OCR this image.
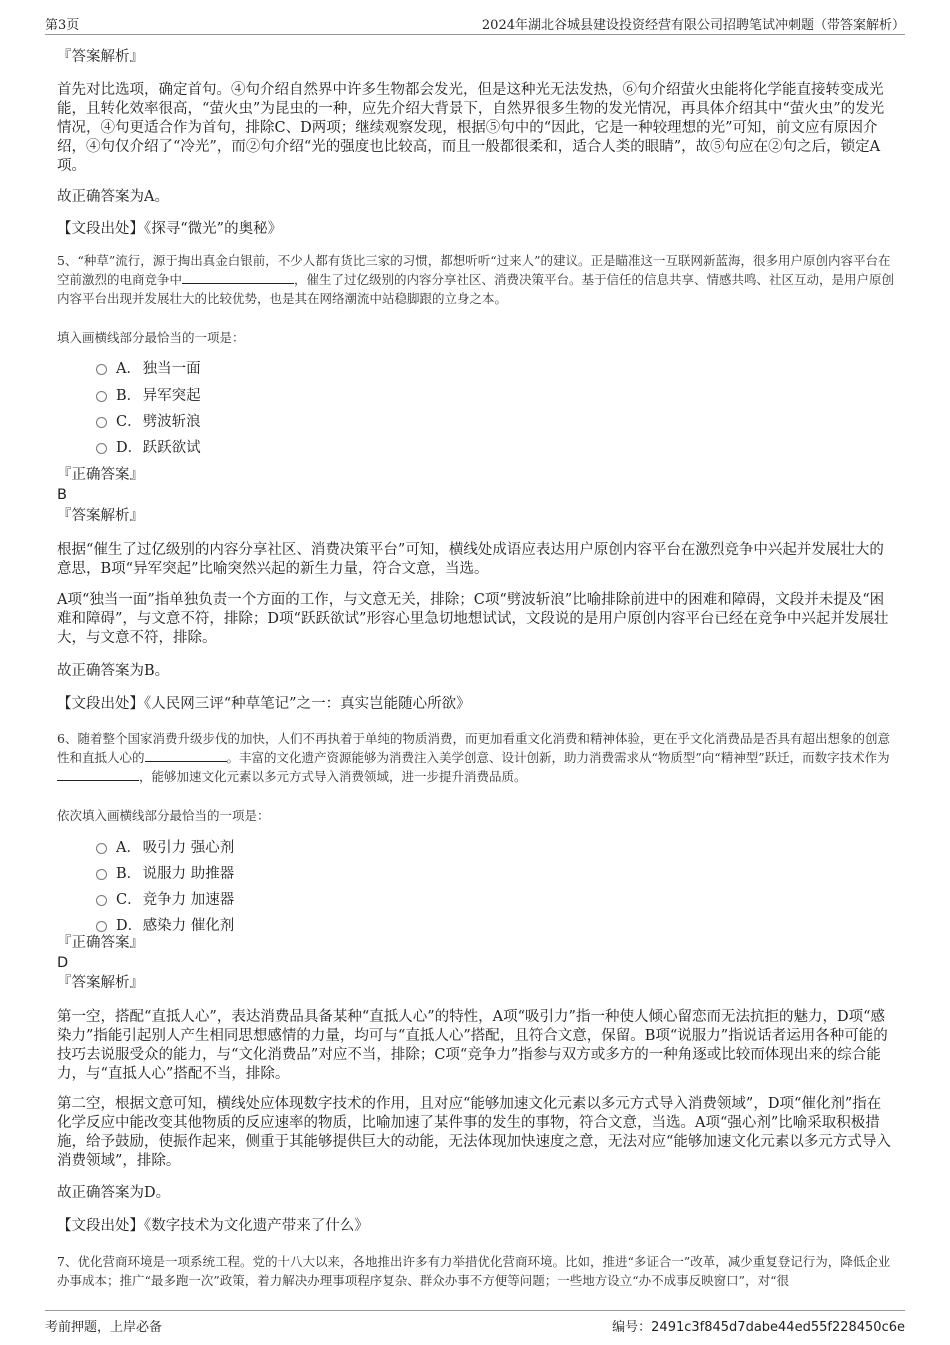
第3页	2024年湖北谷城县建设投资经营有限公司招聘笔试冲刺题（带答案解析）

『答案解析』

首先对比选项，确定首句。④句介绍自然界中许多生物都会发光，但是这种光无法发热，⑥句介绍萤火虫能将化学能直接转变成光能，且转化效率很高，“萤火虫”为昆虫的一种，应先介绍大背景下，自然界很多生物的发光情况，再具体介绍其中“萤火虫”的发光情况，④句更适合作为首句，排除C、D两项；继续观察发现，根据⑤句中的“因此，它是一种较理想的光”可知，前文应有原因介绍，④句仅介绍了“冷光”，而②句介绍“光的强度也比较高，而且一般都很柔和，适合人类的眼睛”，故⑤句应在②句之后，锁定A项。

故正确答案为A。

【文段出处】《探寻“微光”的奥秘》

5、“种草”流行，源于掏出真金白银前，不少人都有货比三家的习惯，都想听听“过来人”的建议。正是瞄准这一互联网新蓝海，很多用户原创内容平台在空前激烈的电商竞争中	，催生了过亿级别的内容分享社区、消费决策平台。基于信任的信息共享、情感共鸣、社区互动，是用户原创内容平台出现并发展壮大的比较优势，也是其在网络潮流中站稳脚跟的立身之本。

填入画横线部分最恰当的一项是：

A． 独当一面
B． 异军突起
C． 劈波斩浪
D． 跃跃欲试

『正确答案』

B

『答案解析』

根据“催生了过亿级别的内容分享社区、消费决策平台”可知，横线处成语应表达用户原创内容平台在激烈竞争中兴起并发展壮大的意思，B项“异军突起”比喻突然兴起的新生力量，符合文意，当选。

A项“独当一面”指单独负责一个方面的工作，与文意无关，排除；C项“劈波斩浪”比喻排除前进中的困难和障碍，文段并未提及“困难和障碍”，与文意不符，排除；D项“跃跃欲试”形容心里急切地想试试，文段说的是用户原创内容平台已经在竞争中兴起并发展壮大，与文意不符，排除。

故正确答案为B。

【文段出处】《人民网三评“种草笔记”之一：真实岂能随心所欲》

6、随着整个国家消费升级步伐的加快，人们不再执着于单纯的物质消费，而更加看重文化消费和精神体验，更在乎文化消费品是否具有超出想象的创意性和直抵人心的	。丰富的文化遗产资源能够为消费注入美学创意、设计创新，助力消费需求从“物质型”向“精神型”跃迁，而数字技术作为，能够加速文化元素以多元方式导入消费领域，进一步提升消费品质。

依次填入画横线部分最恰当的一项是：

A． 吸引力 强心剂
B． 说服力 助推器
C． 竞争力 加速器
D． 感染力 催化剂

『正确答案』

D

『答案解析』

第一空，搭配“直抵人心”，表达消费品具备某种“直抵人心”的特性，A项“吸引力”指一种使人倾心留恋而无法抗拒的魅力，D项“感染力”指能引起别人产生相同思想感情的力量，均可与“直抵人心”搭配，且符合文意，保留。B项“说服力”指说话者运用各种可能的技巧去说服受众的能力，与“文化消费品”对应不当，排除；C项“竞争力”指参与双方或多方的一种角逐或比较而体现出来的综合能力，与“直抵人心”搭配不当，排除。

第二空，根据文意可知，横线处应体现数字技术的作用，且对应“能够加速文化元素以多元方式导入消费领域”，D项“催化剂”指在化学反应中能改变其他物质的反应速率的物质，比喻加速了某件事的发生的事物，符合文意，当选。A项“强心剂”比喻采取积极措施，给予鼓励，使振作起来，侧重于其能够提供巨大的动能，无法体现加快速度之意，无法对应“能够加速文化元素以多元方式导入消费领域”，排除。

故正确答案为D。

【文段出处】《数字技术为文化遗产带来了什么》

7、优化营商环境是一项系统工程。党的十八大以来，各地推出许多有力举措优化营商环境。比如，推进“多证合一”改革，减少重复登记行为，降低企业办事成本；推广“最多跑一次”政策，着力解决办理事项程序复杂、群众办事不方便等问题；一些地方设立“办不成事反映窗口”，对“很

考前押题，上岸必备	编号：2491c3f845d7dabe44ed55f228450c6e
